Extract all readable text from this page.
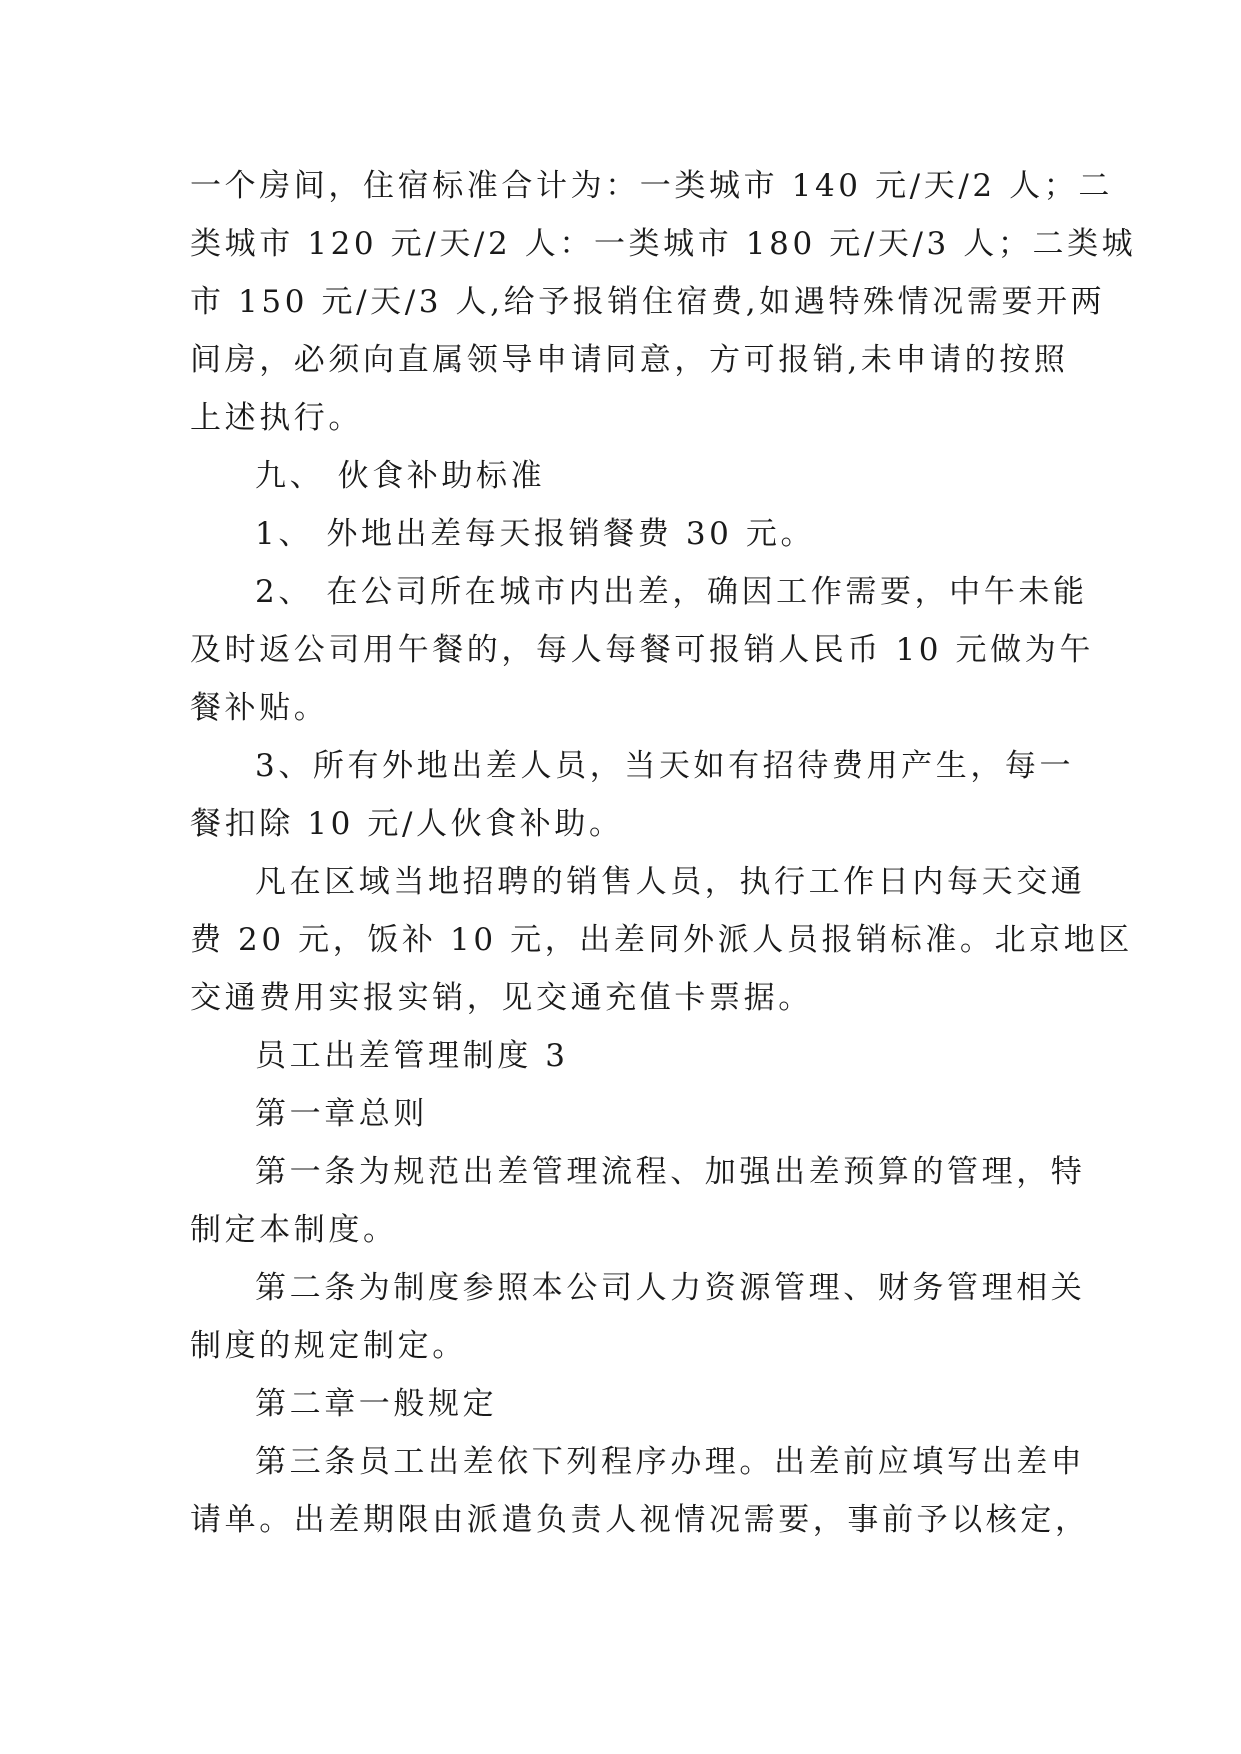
一个房间，住宿标准合计为：一类城市 140 元/天/2 人；二
类城市 120 元/天/2 人：一类城市 180 元/天/3 人；二类城
市 150 元/天/3 人,给予报销住宿费,如遇特殊情况需要开两
间房，必须向直属领导申请同意，方可报销,未申请的按照
上述执行。
九、 伙食补助标准
1、 外地出差每天报销餐费 30 元。
2、 在公司所在城市内出差，确因工作需要，中午未能
及时返公司用午餐的，每人每餐可报销人民币 10 元做为午
餐补贴。
3、所有外地出差人员，当天如有招待费用产生，每一
餐扣除 10 元/人伙食补助。
凡在区域当地招聘的销售人员，执行工作日内每天交通
费 20 元，饭补 10 元，出差同外派人员报销标准。北京地区
交通费用实报实销，见交通充值卡票据。
员工出差管理制度 3
第一章总则
第一条为规范出差管理流程、加强出差预算的管理，特
制定本制度。
第二条为制度参照本公司人力资源管理、财务管理相关
制度的规定制定。
第二章一般规定
第三条员工出差依下列程序办理。出差前应填写出差申
请单。出差期限由派遣负责人视情况需要，事前予以核定，
